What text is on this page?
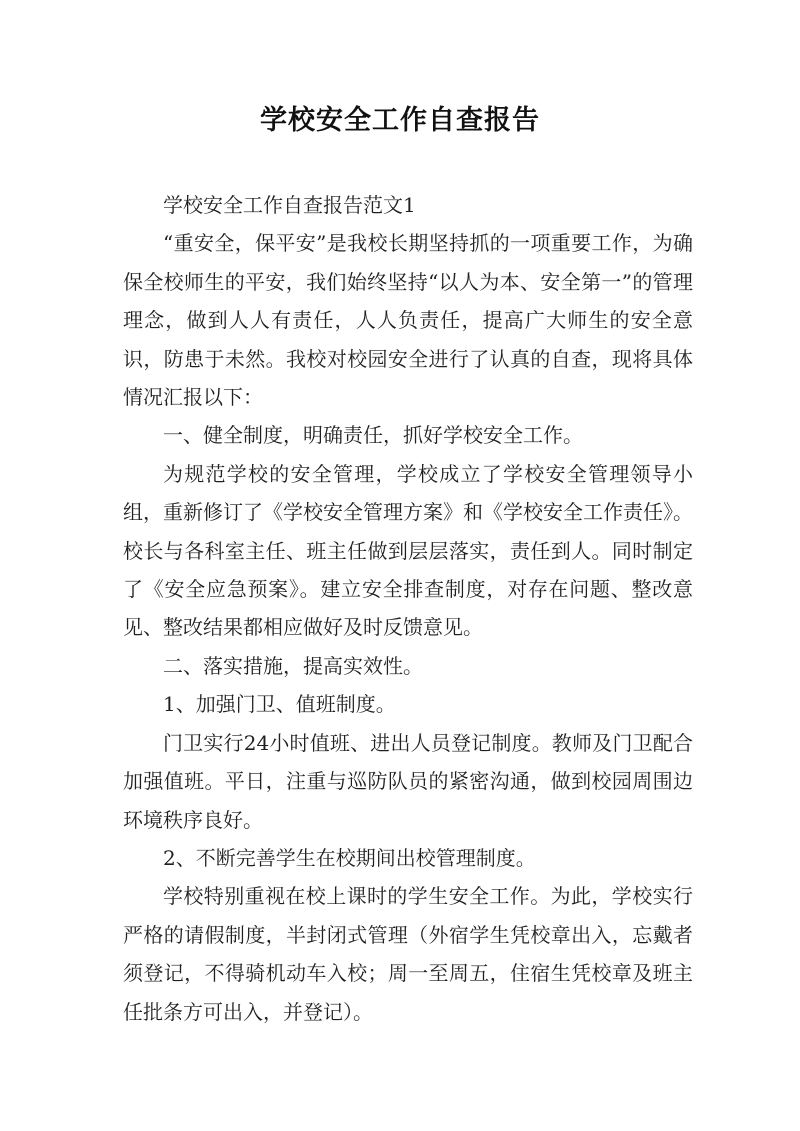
学校安全工作自查报告

学校安全工作自查报告范文1

“重安全，保平安”是我校长期坚持抓的一项重要工作，为确保全校师生的平安，我们始终坚持“以人为本、安全第一”的管理理念，做到人人有责任，人人负责任，提高广大师生的安全意识，防患于未然。我校对校园安全进行了认真的自查，现将具体情况汇报以下：

一、健全制度，明确责任，抓好学校安全工作。

为规范学校的安全管理，学校成立了学校安全管理领导小组，重新修订了《学校安全管理方案》和《学校安全工作责任》。校长与各科室主任、班主任做到层层落实，责任到人。同时制定了《安全应急预案》。建立安全排查制度，对存在问题、整改意见、整改结果都相应做好及时反馈意见。

二、落实措施，提高实效性。

1、加强门卫、值班制度。

门卫实行24小时值班、进出人员登记制度。教师及门卫配合加强值班。平日，注重与巡防队员的紧密沟通，做到校园周围边环境秩序良好。

2、不断完善学生在校期间出校管理制度。

学校特别重视在校上课时的学生安全工作。为此，学校实行严格的请假制度，半封闭式管理（外宿学生凭校章出入，忘戴者须登记，不得骑机动车入校；周一至周五，住宿生凭校章及班主任批条方可出入，并登记）。
